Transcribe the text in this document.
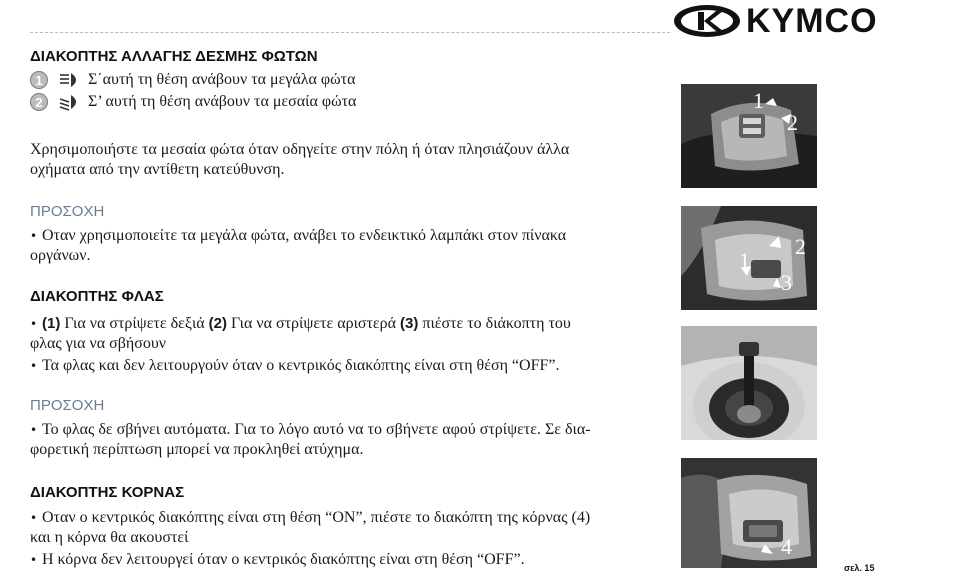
KYMCO
ΔΙΑΚΟΠΤΗΣ ΑΛΛΑΓΗΣ ΔΕΣΜΗΣ ΦΩΤΩΝ
1	Σ΄αυτή τη θέση ανάβουν τα μεγάλα φώτα
2	Σ’ αυτή τη θέση ανάβουν τα μεσαία φώτα
Χρησιμοποιήστε τα μεσαία φώτα όταν οδηγείτε στην πόλη ή όταν πλησιάζουν άλλα
οχήματα από την αντίθετη κατεύθυνση.
ΠΡΟΣΟΧΗ
• Οταν χρησιμοποιείτε τα μεγάλα φώτα, ανάβει το ενδεικτικό λαμπάκι στον πίνακα
οργάνων.
ΔΙΑΚΟΠΤΗΣ ΦΛΑΣ
• (1) Για να στρίψετε δεξιά (2) Για να στρίψετε αριστερά (3) πιέστε το διάκοπτη του
φλας για να σβήσουν
• Τα φλας και δεν λειτουργούν όταν ο κεντρικός διακόπτης είναι στη θέση “OFF”.
ΠΡΟΣΟΧΗ
• Το φλας δε σβήνει αυτόματα. Για το λόγο αυτό να το σβήνετε αφού στρίψετε. Σε δια-
φορετική περίπτωση μπορεί να προκληθεί ατύχημα.
ΔΙΑΚΟΠΤΗΣ ΚΟΡΝΑΣ
• Οταν ο κεντρικός διακόπτης είναι στη θέση “ON”, πιέστε το διακόπτη της κόρνας (4)
και η κόρνα θα ακουστεί
• Η κόρνα δεν λειτουργεί όταν ο κεντρικός διακόπτης είναι στη θέση “OFF”.
1
2
1
2
3
4
σελ. 15
